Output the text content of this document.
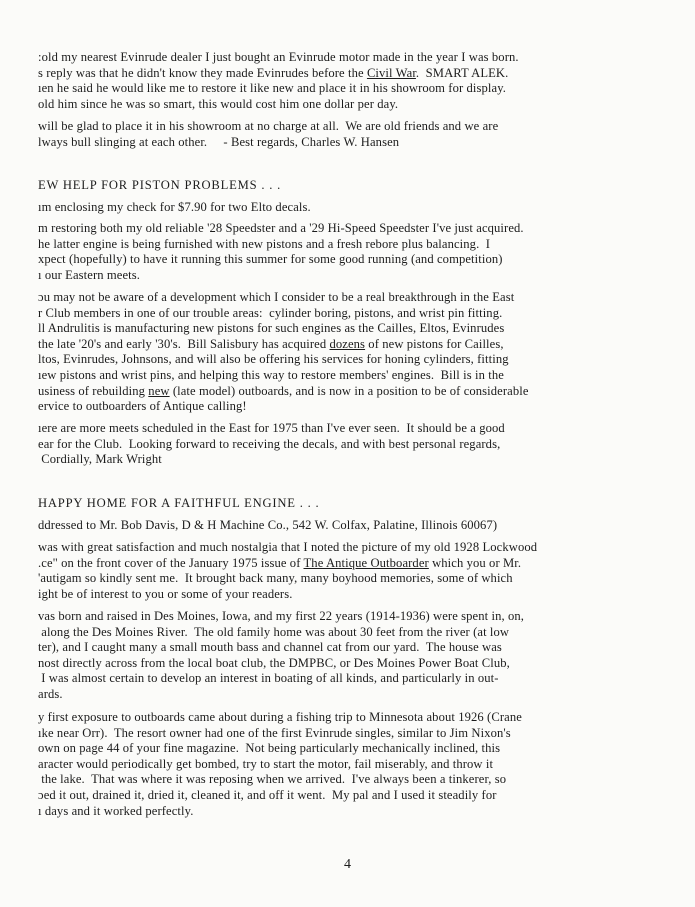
:old my nearest Evinrude dealer I just bought an Evinrude motor made in the year I was born.
s reply was that he didn't know they made Evinrudes before the Civil War.  SMART ALEK.
ıen he said he would like me to restore it like new and place it in his showroom for display.
old him since he was so smart, this would cost him one dollar per day.
will be glad to place it in his showroom at no charge at all.  We are old friends and we are
lways bull slinging at each other.     - Best regards, Charles W. Hansen
EW HELP FOR PISTON PROBLEMS . . .
ım enclosing my check for $7.90 for two Elto decals.
m restoring both my old reliable '28 Speedster and a '29 Hi-Speed Speedster I've just acquired.
he latter engine is being furnished with new pistons and a fresh rebore plus balancing.  I
xpect (hopefully) to have it running this summer for some good running (and competition)
ı our Eastern meets.
ɔu may not be aware of a development which I consider to be a real breakthrough in the East
r Club members in one of our trouble areas:  cylinder boring, pistons, and wrist pin fitting.
ll Andrulitis is manufacturing new pistons for such engines as the Cailles, Eltos, Evinrudes
the late '20's and early '30's.  Bill Salisbury has acquired dozens of new pistons for Cailles,
ltos, Evinrudes, Johnsons, and will also be offering his services for honing cylinders, fitting
ıew pistons and wrist pins, and helping this way to restore members' engines.  Bill is in the
usiness of rebuilding new (late model) outboards, and is now in a position to be of considerable
ervice to outboarders of Antique calling!
ıere are more meets scheduled in the East for 1975 than I've ever seen.  It should be a good
ear for the Club.  Looking forward to receiving the decals, and with best personal regards,
Cordially, Mark Wright
HAPPY HOME FOR A FAITHFUL ENGINE . . .
ddressed to Mr. Bob Davis, D & H Machine Co., 542 W. Colfax, Palatine, Illinois 60067)
was with great satisfaction and much nostalgia that I noted the picture of my old 1928 Lockwood
.ce" on the front cover of the January 1975 issue of The Antique Outboarder which you or Mr.
'autigam so kindly sent me.  It brought back many, many boyhood memories, some of which
ight be of interest to you or some of your readers.
vas born and raised in Des Moines, Iowa, and my first 22 years (1914-1936) were spent in, on,
along the Des Moines River.  The old family home was about 30 feet from the river (at low
ter), and I caught many a small mouth bass and channel cat from our yard.  The house was
nost directly across from the local boat club, the DMPBC, or Des Moines Power Boat Club,
I was almost certain to develop an interest in boating of all kinds, and particularly in out-
ards.
y first exposure to outboards came about during a fishing trip to Minnesota about 1926 (Crane
ıke near Orr).  The resort owner had one of the first Evinrude singles, similar to Jim Nixon's
own on page 44 of your fine magazine.  Not being particularly mechanically inclined, this
aracter would periodically get bombed, try to start the motor, fail miserably, and throw it
the lake.  That was where it was reposing when we arrived.  I've always been a tinkerer, so
ɔed it out, drained it, dried it, cleaned it, and off it went.  My pal and I used it steadily for
ı days and it worked perfectly.
4
